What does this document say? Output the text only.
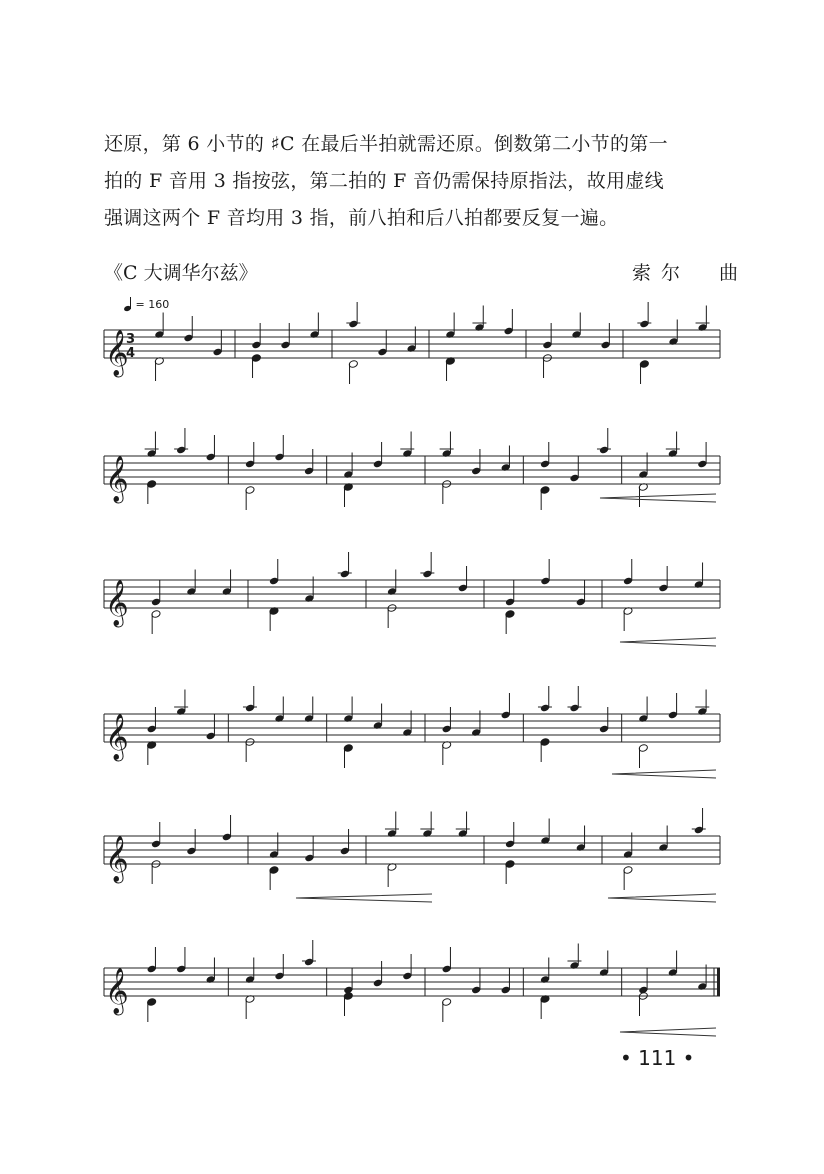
还原，第 6 小节的 ♯C 在最后半拍就需还原。倒数第二小节的第一
拍的 F 音用 3 指按弦，第二拍的 F 音仍需保持原指法，故用虚线
强调这两个 F 音均用 3 指，前八拍和后八拍都要反复一遍。
《C 大调华尔兹》	索尔　曲
= 160
𝄞
3
4
𝄞
𝄞
𝄞
𝄞
𝄞
• 111 •
